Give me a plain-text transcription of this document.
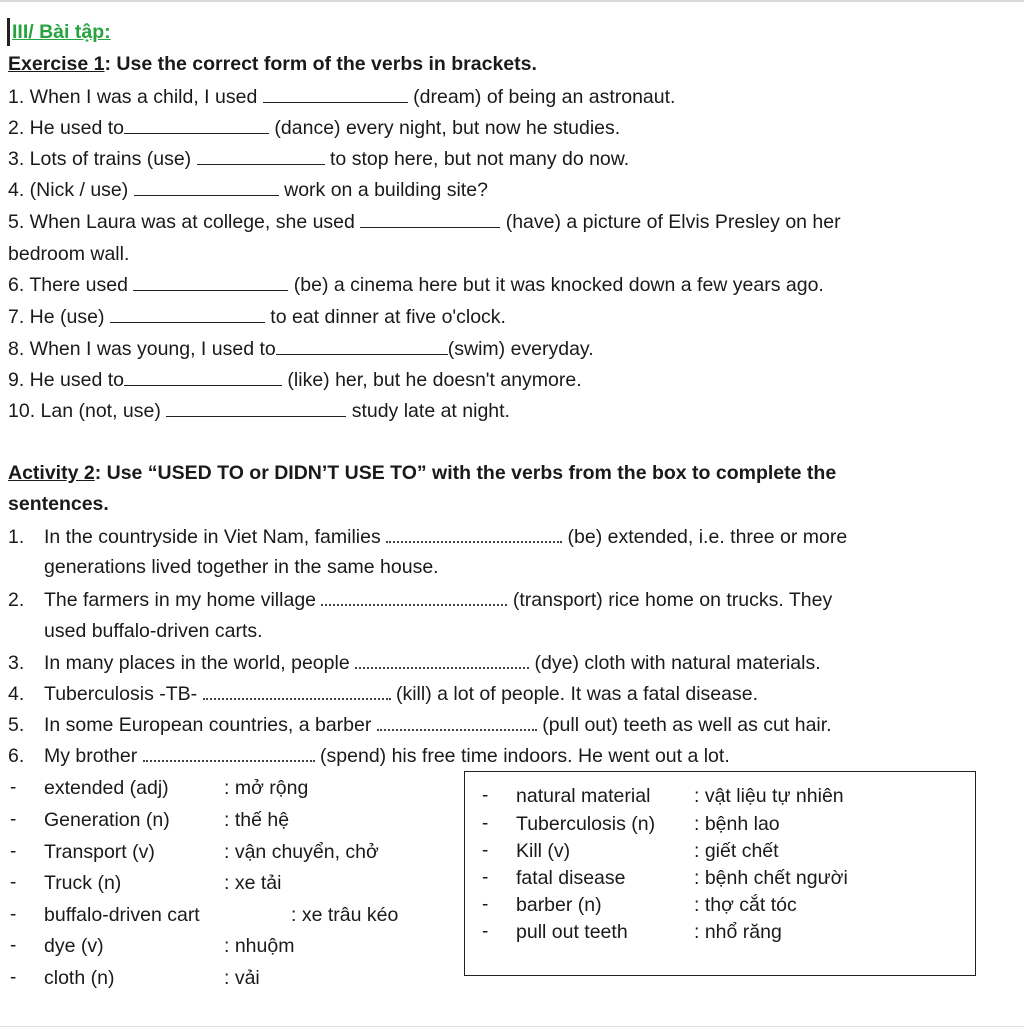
III/ Bài tập:
Exercise 1: Use the correct form of the verbs in brackets.
1. When I was a child, I used	(dream) of being an astronaut.
2. He used to	(dance) every night, but now he studies.
3. Lots of trains (use)	to stop here, but not many do now.
4. (Nick / use)	work on a building site?
5. When Laura was at college, she used	(have) a picture of Elvis Presley on her
bedroom wall.
6. There used	(be) a cinema here but it was knocked down a few years ago.
7. He (use)	to eat dinner at five o'clock.
8. When I was young, I used to	(swim) everyday.
9. He used to	(like) her, but he doesn't anymore.
10. Lan (not, use)	study late at night.
Activity 2: Use “USED TO or DIDN’T USE TO” with the verbs from the box to complete the
sentences.
1. In the countryside in Viet Nam, families	(be) extended, i.e. three or more
generations lived together in the same house.
2. The farmers in my home village	(transport) rice home on trucks. They
used buffalo-driven carts.
3. In many places in the world, people	(dye) cloth with natural materials.
4. Tuberculosis -TB-	(kill) a lot of people. It was a fatal disease.
5. In some European countries, a barber	(pull out) teeth as well as cut hair.
6. My brother	(spend) his free time indoors. He went out a lot.
- extended (adj)	: mở rộng
- Generation (n)	: thế hệ
- Transport (v)	: vận chuyển, chở
- Truck (n)	: xe tải
- buffalo-driven cart	: xe trâu kéo
- dye (v)	: nhuộm
- cloth (n)	: vải
- natural material : vật liệu tự nhiên
- Tuberculosis (n) : bệnh lao
- Kill (v)	: giết chết
- fatal disease	: bệnh chết người
- barber (n)	: thợ cắt tóc
- pull out teeth	: nhổ răng
